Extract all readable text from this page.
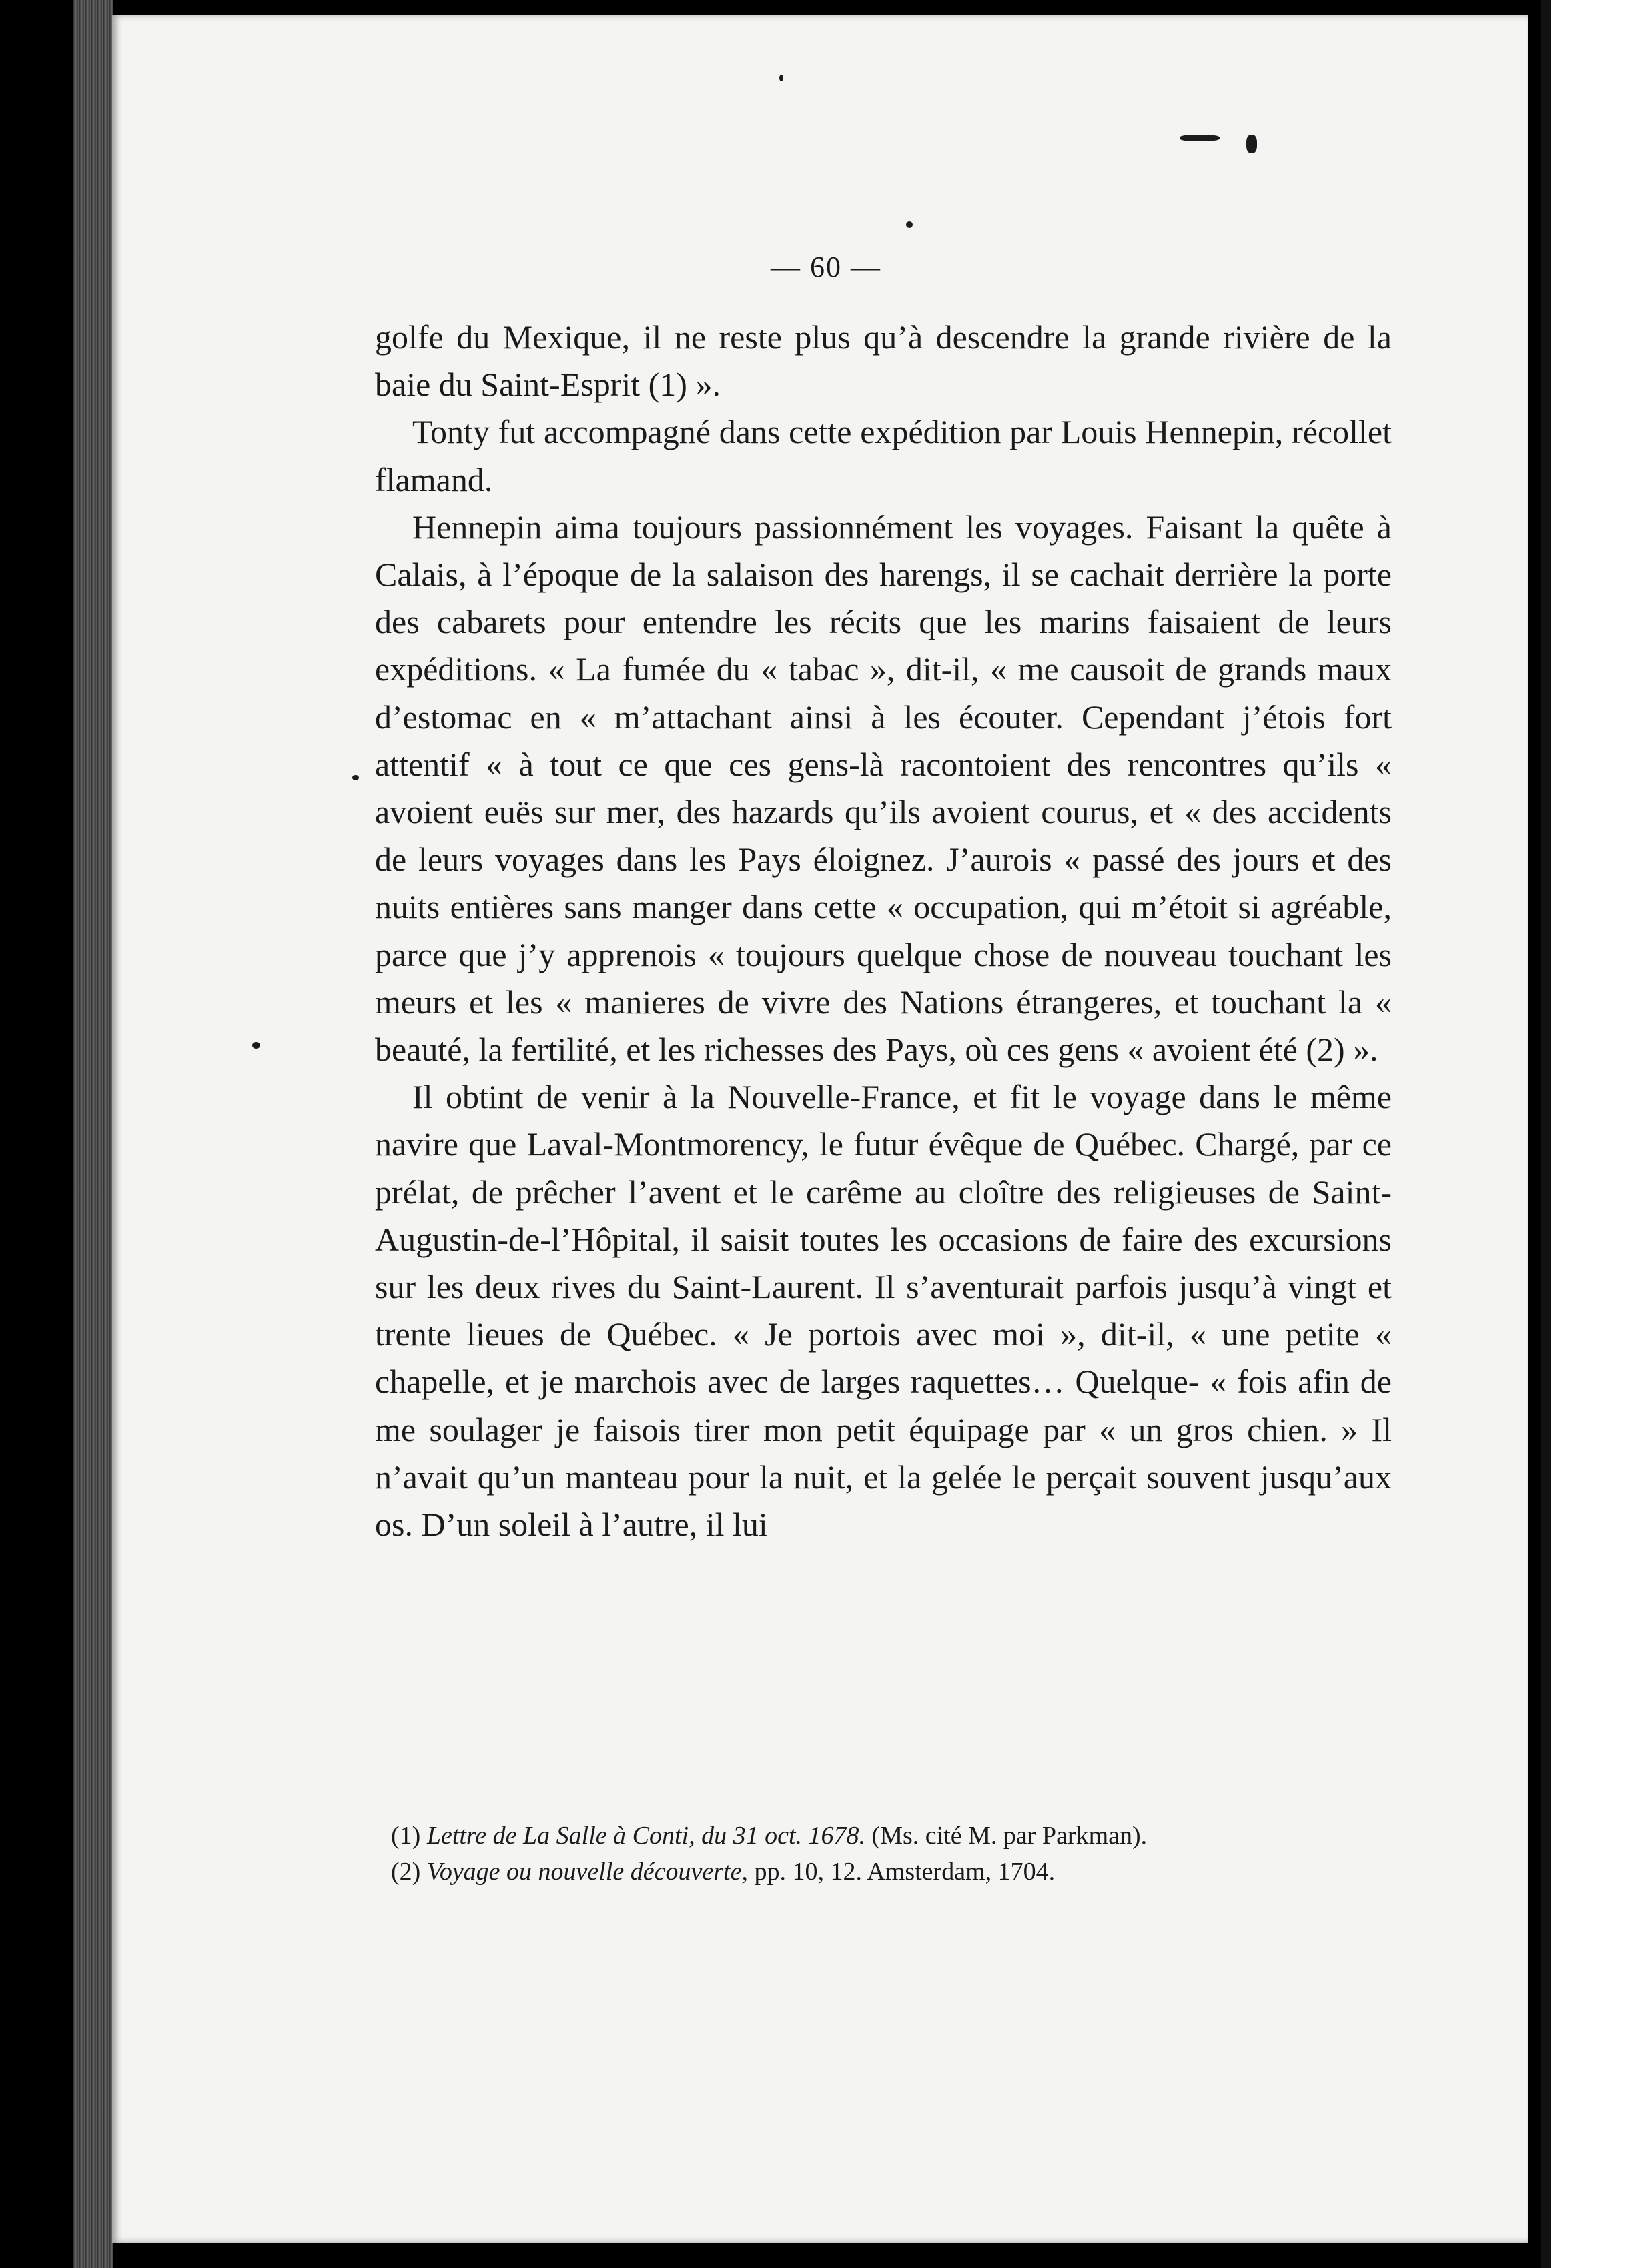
— 60 —

golfe du Mexique, il ne reste plus qu’à descendre la grande rivière de la baie du Saint-Esprit (1) ».

Tonty fut accompagné dans cette expédition par Louis Hennepin, récollet flamand.

Hennepin aima toujours passionnément les voyages. Faisant la quête à Calais, à l’époque de la salaison des harengs, il se cachait derrière la porte des cabarets pour entendre les récits que les marins faisaient de leurs expéditions. « La fumée du « tabac », dit-il, « me causoit de grands maux d’estomac en « m’attachant ainsi à les écouter. Cependant j’étois fort attentif « à tout ce que ces gens-là racontoient des rencontres qu’ils « avoient euës sur mer, des hazards qu’ils avoient courus, et « des accidents de leurs voyages dans les Pays éloignez. J’aurois « passé des jours et des nuits entières sans manger dans cette « occupation, qui m’étoit si agréable, parce que j’y apprenois « toujours quelque chose de nouveau touchant les meurs et les « manieres de vivre des Nations étrangeres, et touchant la « beauté, la fertilité, et les richesses des Pays, où ces gens « avoient été (2) ».

Il obtint de venir à la Nouvelle-France, et fit le voyage dans le même navire que Laval-Montmorency, le futur évêque de Québec. Chargé, par ce prélat, de prêcher l’avent et le carême au cloître des religieuses de Saint-Augustin-de-l’Hôpital, il saisit toutes les occasions de faire des excursions sur les deux rives du Saint-Laurent. Il s’aventurait parfois jusqu’à vingt et trente lieues de Québec. « Je portois avec moi », dit-il, « une petite « chapelle, et je marchois avec de larges raquettes… Quelque- « fois afin de me soulager je faisois tirer mon petit équipage par « un gros chien. » Il n’avait qu’un manteau pour la nuit, et la gelée le perçait souvent jusqu’aux os. D’un soleil à l’autre, il lui

(1) Lettre de La Salle à Conti, du 31 oct. 1678. (Ms. cité M. par Parkman).

(2) Voyage ou nouvelle découverte, pp. 10, 12. Amsterdam, 1704.
